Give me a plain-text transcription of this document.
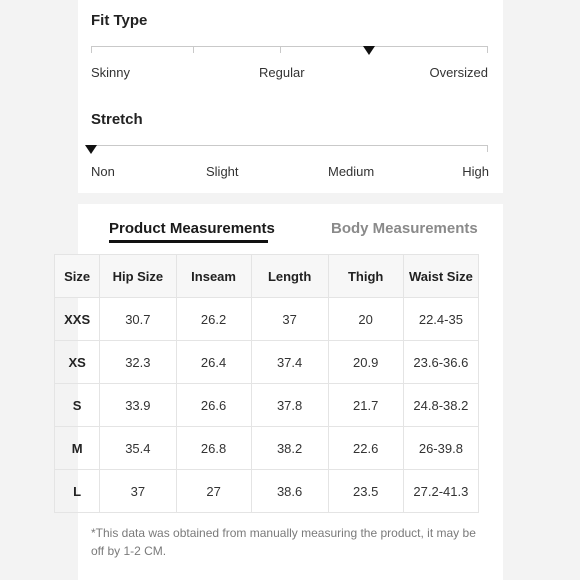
Fit Type
Skinny	Regular	Oversized
Stretch
Non	Slight	Medium	High
Product Measurements	Body Measurements
Size	Hip Size	Inseam	Length	Thigh	Waist Size
XXS	30.7	26.2	37	20	22.4-35
XS	32.3	26.4	37.4	20.9	23.6-36.6
S	33.9	26.6	37.8	21.7	24.8-38.2
M	35.4	26.8	38.2	22.6	26-39.8
L	37	27	38.6	23.5	27.2-41.3
*This data was obtained from manually measuring the product, it may be off by 1-2 CM.
